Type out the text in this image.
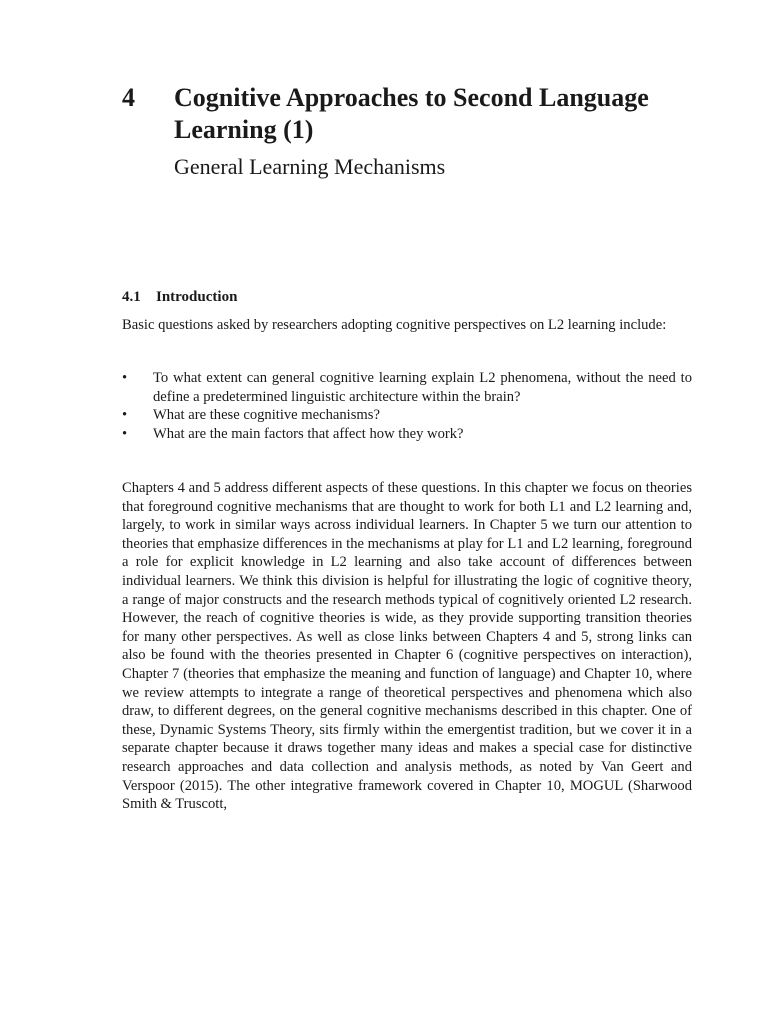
4 Cognitive Approaches to Second Language Learning (1)
General Learning Mechanisms
4.1 Introduction

Basic questions asked by researchers adopting cognitive perspectives on L2 learning include:

• To what extent can general cognitive learning explain L2 phenomena, without the need to define a predetermined linguistic architecture within the brain?
• What are these cognitive mechanisms?
• What are the main factors that affect how they work?

Chapters 4 and 5 address different aspects of these questions. In this chapter we focus on theories that foreground cognitive mechanisms that are thought to work for both L1 and L2 learning and, largely, to work in similar ways across individual learners. In Chapter 5 we turn our attention to theories that emphasize differences in the mechanisms at play for L1 and L2 learning, foreground a role for explicit knowledge in L2 learning and also take account of differences between individual learners. We think this division is helpful for illustrating the logic of cognitive theory, a range of major constructs and the research methods typical of cognitively oriented L2 research. However, the reach of cognitive theories is wide, as they provide supporting transition theories for many other perspectives. As well as close links between Chapters 4 and 5, strong links can also be found with the theories presented in Chapter 6 (cognitive perspectives on interaction), Chapter 7 (theories that emphasize the meaning and function of language) and Chapter 10, where we review attempts to integrate a range of theoretical perspectives and phenomena which also draw, to different degrees, on the general cognitive mechanisms described in this chapter. One of these, Dynamic Systems Theory, sits firmly within the emergentist tradition, but we cover it in a separate chapter because it draws together many ideas and makes a special case for distinctive research approaches and data collection and analysis methods, as noted by Van Geert and Verspoor (2015). The other integrative framework covered in Chapter 10, MOGUL (Sharwood Smith & Truscott,
